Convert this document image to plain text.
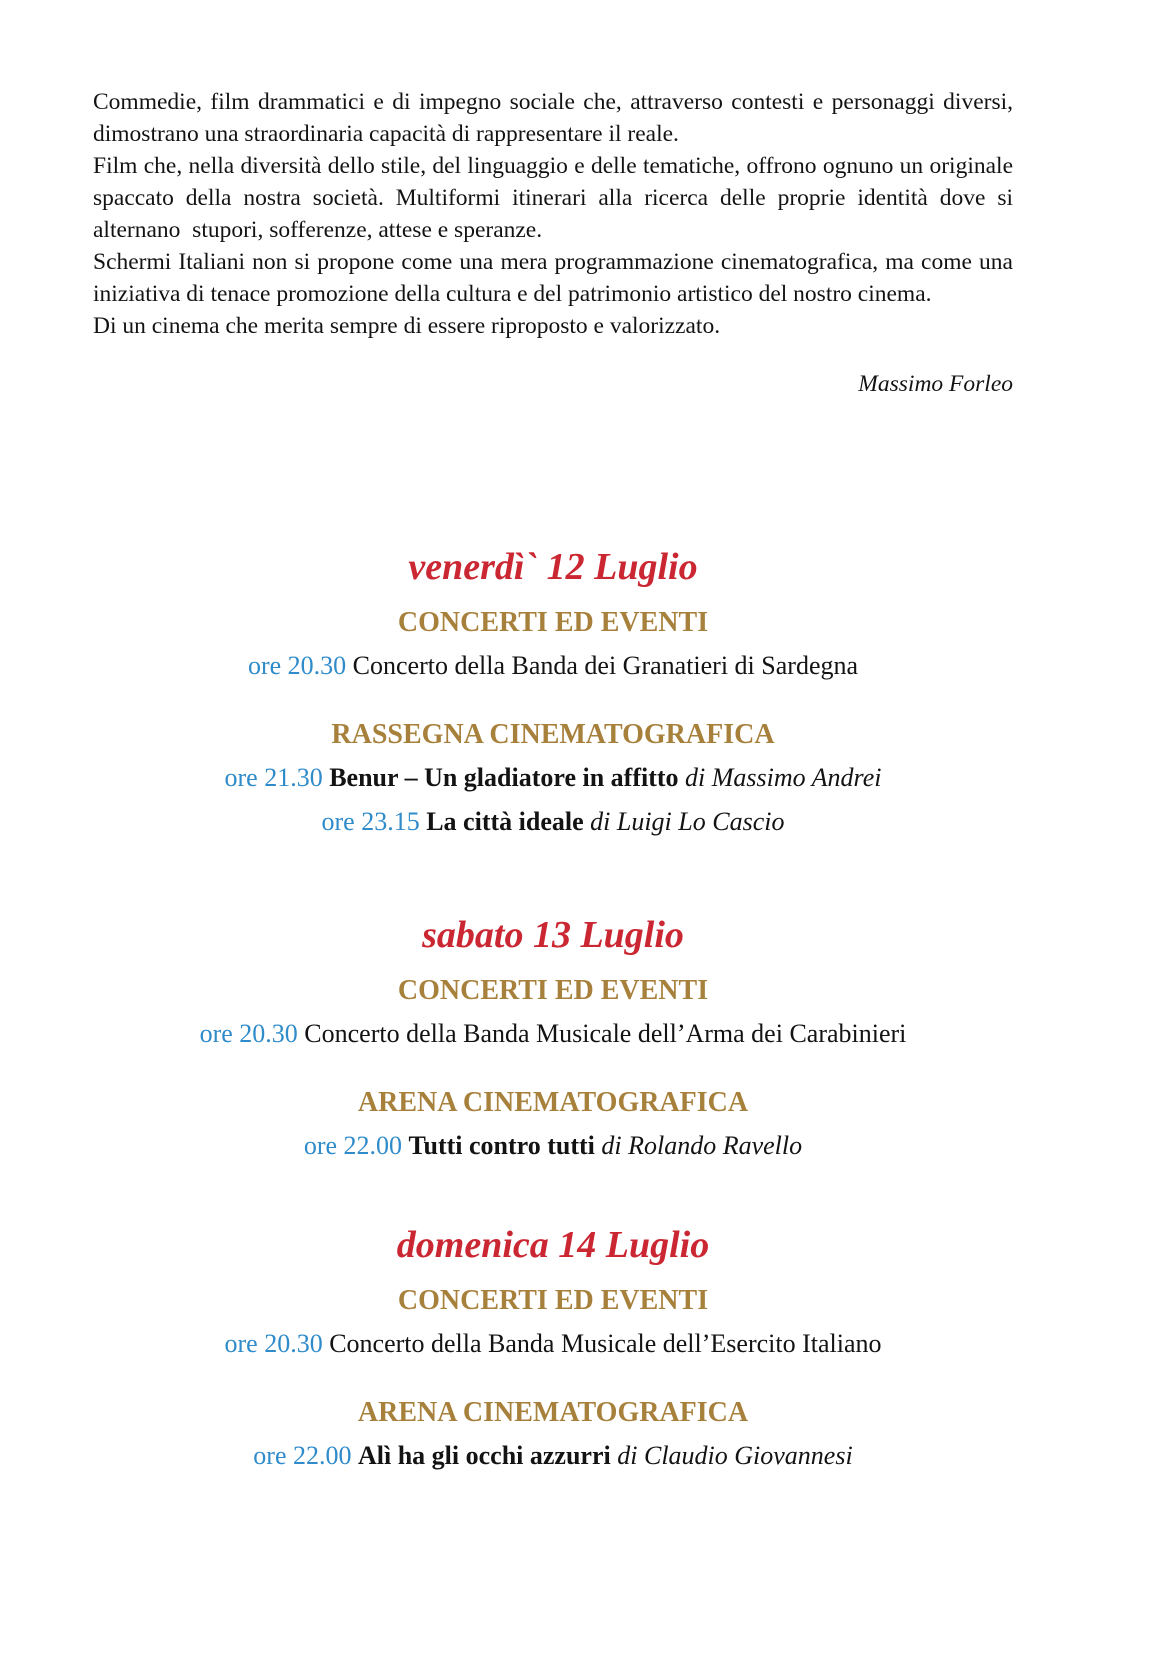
Commedie, film drammatici e di impegno sociale che, attraverso contesti e personaggi diversi, dimostrano una straordinaria capacità di rappresentare il reale.

Film che, nella diversità dello stile, del linguaggio e delle tematiche, offrono ognuno un originale spaccato della nostra società. Multiformi itinerari alla ricerca delle proprie identità dove si alternano  stupori, sofferenze, attese e speranze.

Schermi Italiani non si propone come una mera programmazione cinematografica, ma come una iniziativa di tenace promozione della cultura e del patrimonio artistico del nostro cinema.

Di un cinema che merita sempre di essere riproposto e valorizzato.

Massimo Forleo

venerdì` 12 Luglio
CONCERTI ED EVENTI

ore 20.30 Concerto della Banda dei Granatieri di Sardegna

RASSEGNA CINEMATOGRAFICA

ore 21.30 Benur – Un gladiatore in affitto di Massimo Andrei

ore 23.15 La città ideale di Luigi Lo Cascio

sabato 13 Luglio
CONCERTI ED EVENTI

ore 20.30 Concerto della Banda Musicale dell’Arma dei Carabinieri

ARENA CINEMATOGRAFICA

ore 22.00 Tutti contro tutti di Rolando Ravello

domenica 14 Luglio
CONCERTI ED EVENTI

ore 20.30 Concerto della Banda Musicale dell’Esercito Italiano

ARENA CINEMATOGRAFICA

ore 22.00 Alì ha gli occhi azzurri di Claudio Giovannesi
